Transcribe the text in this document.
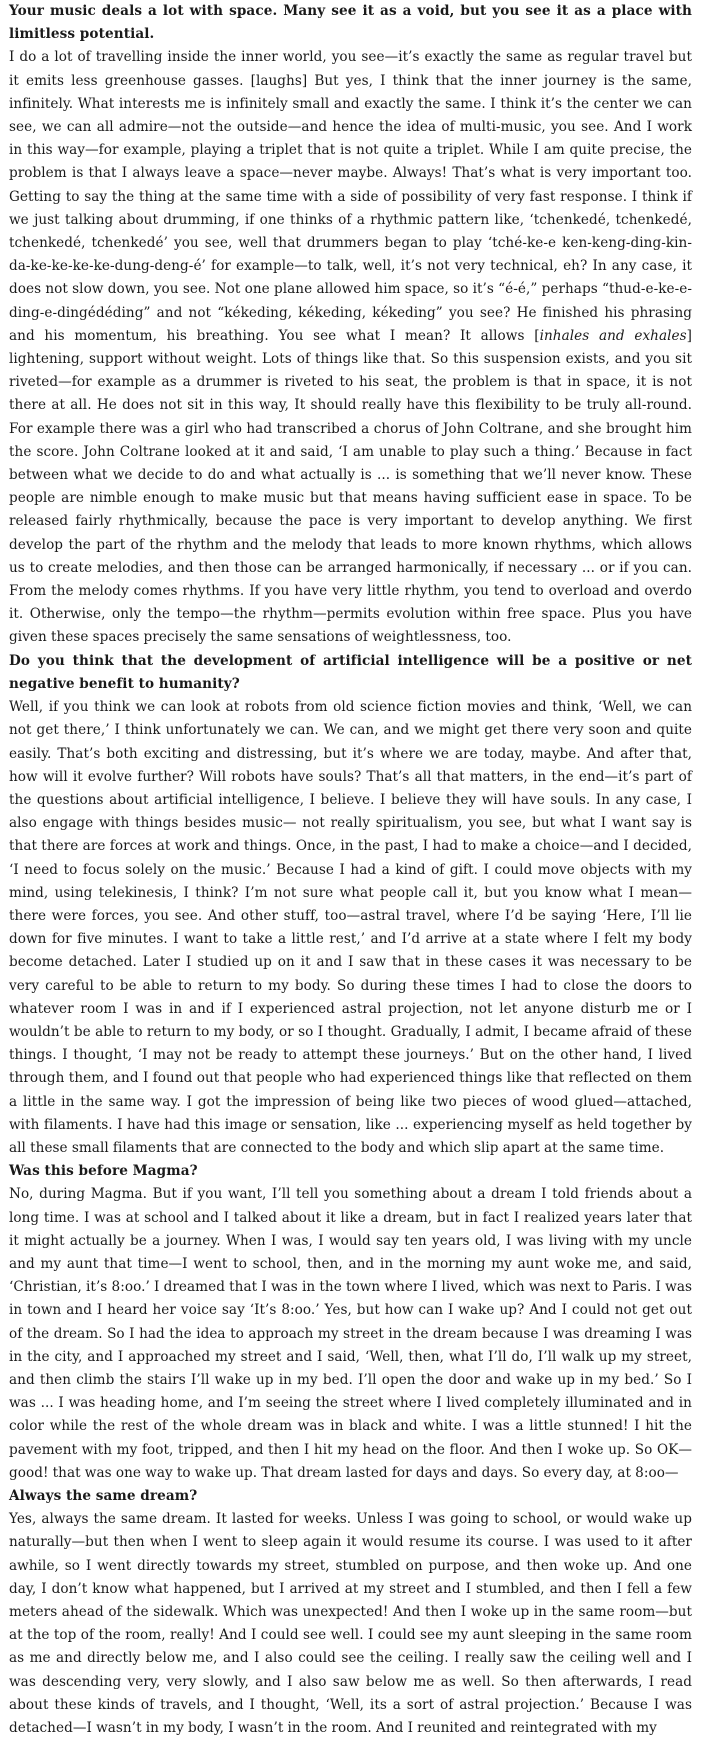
Your music deals a lot with space. Many see it as a void, but you see it as a place with limitless potential.

I do a lot of travelling inside the inner world, you see—it’s exactly the same as regular travel but it emits less greenhouse gasses. [laughs] But yes, I think that the inner journey is the same, infinitely. What interests me is infinitely small and exactly the same. I think it’s the center we can see, we can all admire—not the outside—and hence the idea of multi-music, you see. And I work in this way—for example, playing a triplet that is not quite a triplet. While I am quite precise, the problem is that I always leave a space—never maybe. Always! That’s what is very important too. Getting to say the thing at the same time with a side of possibility of very fast response. I think if we just talking about drumming, if one thinks of a rhythmic pattern like, ‘tchenkedé, tchenkedé, tchenkedé, tchenkedé’ you see, well that drummers began to play ‘tché-ke-e ken-keng-ding-kin-da-ke-ke-ke-ke-dung-deng-é’ for example—to talk, well, it’s not very technical, eh? In any case, it does not slow down, you see. Not one plane allowed him space, so it’s “é-é,” perhaps “thud-e-ke-e-ding-e-dingédéding” and not “kékeding, kékeding, kékeding” you see? He finished his phrasing and his momentum, his breathing. You see what I mean? It allows [inhales and exhales] lightening, support without weight. Lots of things like that. So this suspension exists, and you sit riveted—for example as a drummer is riveted to his seat, the problem is that in space, it is not there at all. He does not sit in this way, It should really have this flexibility to be truly all-round. For example there was a girl who had transcribed a chorus of John Coltrane, and she brought him the score. John Coltrane looked at it and said, ‘I am unable to play such a thing.’ Because in fact between what we decide to do and what actually is ... is something that we’ll never know. These people are nimble enough to make music but that means having sufficient ease in space. To be released fairly rhythmically, because the pace is very important to develop anything. We first develop the part of the rhythm and the melody that leads to more known rhythms, which allows us to create melodies, and then those can be arranged harmonically, if necessary ... or if you can. From the melody comes rhythms. If you have very little rhythm, you tend to overload and overdo it. Otherwise, only the tempo—the rhythm—permits evolution within free space. Plus you have given these spaces precisely the same sensations of weightlessness, too.

Do you think that the development of artificial intelligence will be a positive or net negative benefit to humanity?

Well, if you think we can look at robots from old science fiction movies and think, ‘Well, we can not get there,’ I think unfortunately we can. We can, and we might get there very soon and quite easily. That’s both exciting and distressing, but it’s where we are today, maybe. And after that, how will it evolve further? Will robots have souls? That’s all that matters, in the end—it’s part of the questions about artificial intelligence, I believe. I believe they will have souls. In any case, I also engage with things besides music— not really spiritualism, you see, but what I want say is that there are forces at work and things. Once, in the past, I had to make a choice—and I decided, ‘I need to focus solely on the music.’ Because I had a kind of gift. I could move objects with my mind, using telekinesis, I think? I’m not sure what people call it, but you know what I mean—there were forces, you see. And other stuff, too—astral travel, where I’d be saying ‘Here, I’ll lie down for five minutes. I want to take a little rest,’ and I’d arrive at a state where I felt my body become detached. Later I studied up on it and I saw that in these cases it was necessary to be very careful to be able to return to my body. So during these times I had to close the doors to whatever room I was in and if I experienced astral projection, not let anyone disturb me or I wouldn’t be able to return to my body, or so I thought. Gradually, I admit, I became afraid of these things. I thought, ‘I may not be ready to attempt these journeys.’ But on the other hand, I lived through them, and I found out that people who had experienced things like that reflected on them a little in the same way. I got the impression of being like two pieces of wood glued—attached, with filaments. I have had this image or sensation, like ... experiencing myself as held together by all these small filaments that are connected to the body and which slip apart at the same time.

Was this before Magma?

No, during Magma. But if you want, I’ll tell you something about a dream I told friends about a long time. I was at school and I talked about it like a dream, but in fact I realized years later that it might actually be a journey. When I was, I would say ten years old, I was living with my uncle and my aunt that time—I went to school, then, and in the morning my aunt woke me, and said, ‘Christian, it’s 8:oo.’ I dreamed that I was in the town where I lived, which was next to Paris. I was in town and I heard her voice say ‘It’s 8:oo.’ Yes, but how can I wake up? And I could not get out of the dream. So I had the idea to approach my street in the dream because I was dreaming I was in the city, and I approached my street and I said, ‘Well, then, what I’ll do, I’ll walk up my street, and then climb the stairs I’ll wake up in my bed. I’ll open the door and wake up in my bed.’ So I was ... I was heading home, and I’m seeing the street where I lived completely illuminated and in color while the rest of the whole dream was in black and white. I was a little stunned! I hit the pavement with my foot, tripped, and then I hit my head on the floor. And then I woke up. So OK—good! that was one way to wake up. That dream lasted for days and days. So every day, at 8:oo—

Always the same dream?

Yes, always the same dream. It lasted for weeks. Unless I was going to school, or would wake up naturally—but then when I went to sleep again it would resume its course. I was used to it after awhile, so I went directly towards my street, stumbled on purpose, and then woke up. And one day, I don’t know what happened, but I arrived at my street and I stumbled, and then I fell a few meters ahead of the sidewalk. Which was unexpected! And then I woke up in the same room—but at the top of the room, really! And I could see well. I could see my aunt sleeping in the same room as me and directly below me, and I also could see the ceiling. I really saw the ceiling well and I was descending very, very slowly, and I also saw below me as well. So then afterwards, I read about these kinds of travels, and I thought, ‘Well, its a sort of astral projection.’ Because I was detached—I wasn’t in my body, I wasn’t in the room. And I reunited and reintegrated with my
